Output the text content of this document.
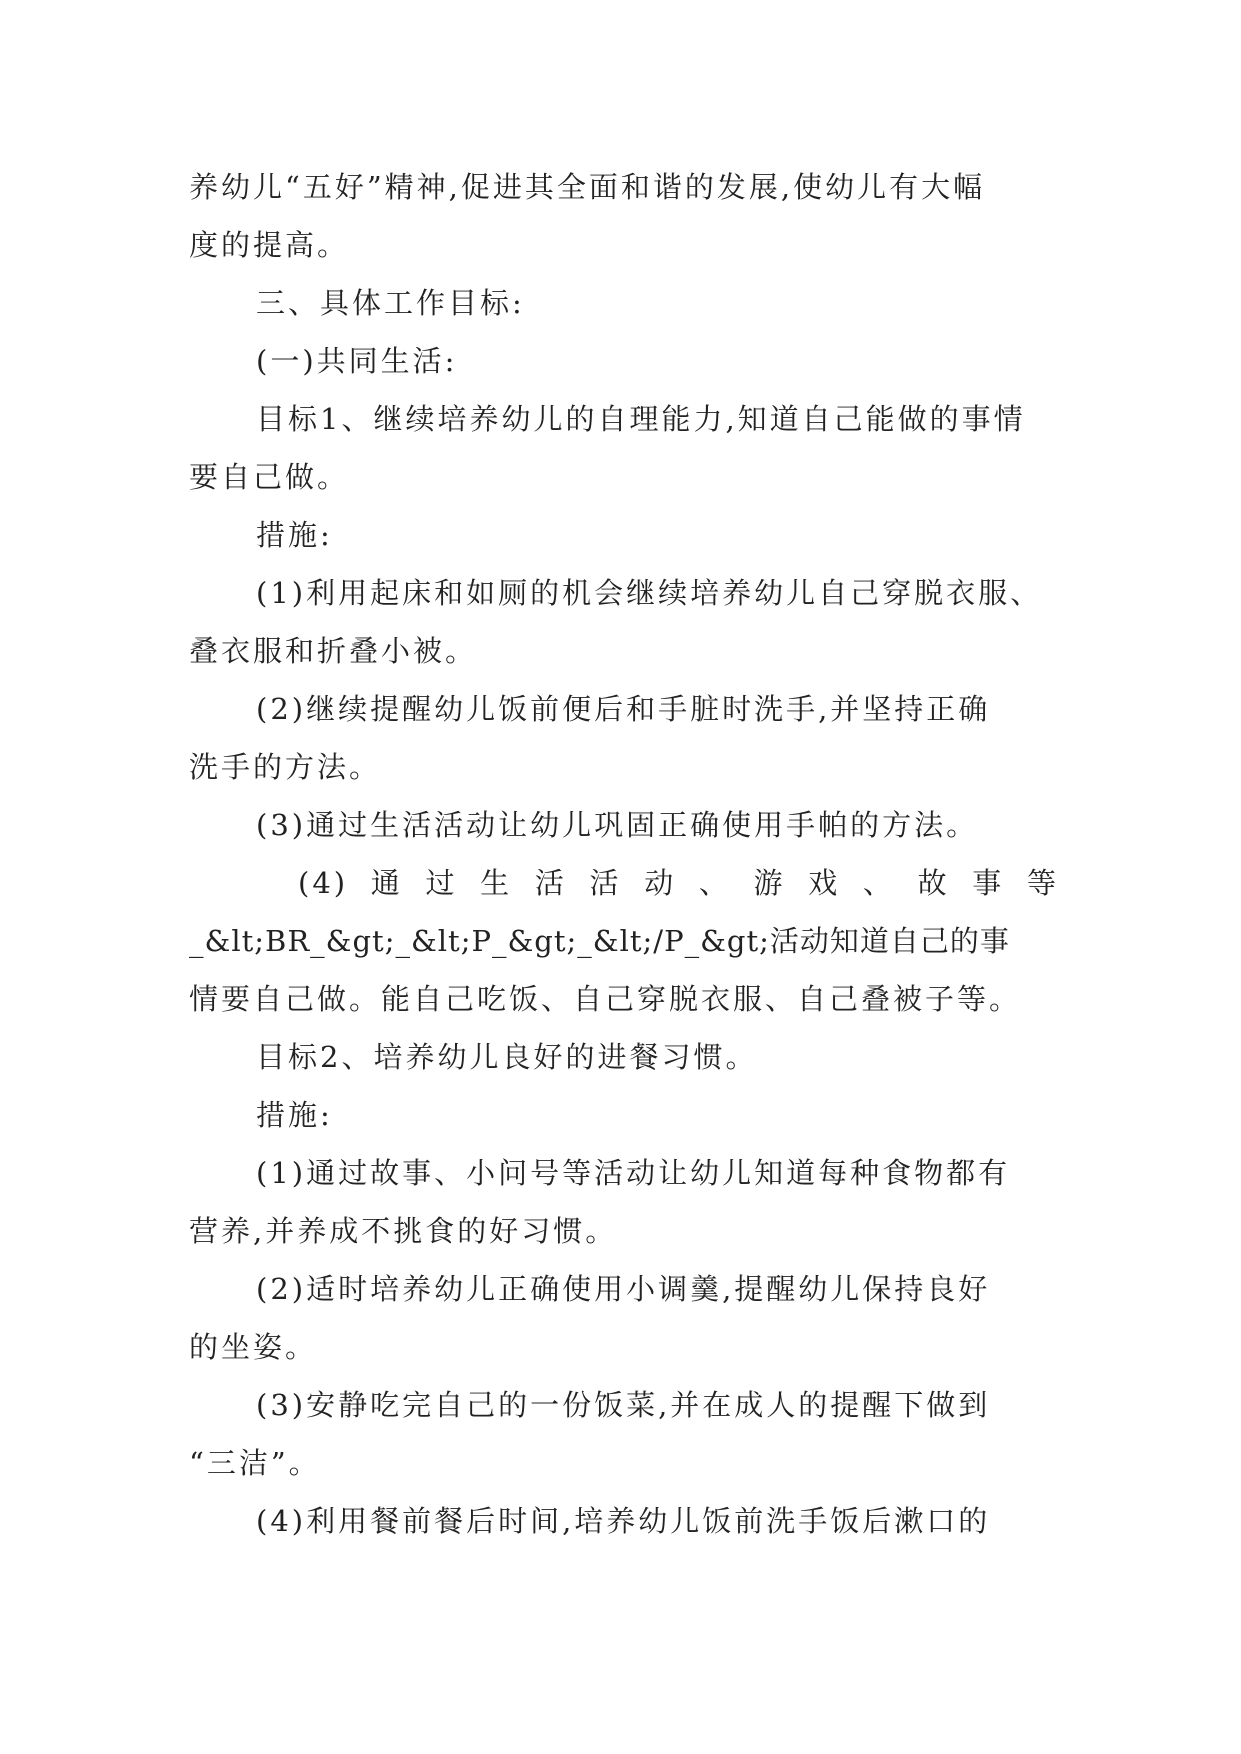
养幼儿“五好”精神,促进其全面和谐的发展,使幼儿有大幅
度的提高。
三、具体工作目标:
(一)共同生活:
目标1、继续培养幼儿的自理能力,知道自己能做的事情
要自己做。
措施:
(1)利用起床和如厕的机会继续培养幼儿自己穿脱衣服、
叠衣服和折叠小被。
(2)继续提醒幼儿饭前便后和手脏时洗手,并坚持正确
洗手的方法。
(3)通过生活活动让幼儿巩固正确使用手帕的方法。
(4)通过生活活动、游戏、故事等
_&lt;BR_&gt;_&lt;P_&gt;_&lt;/P_&gt;活动知道自己的事
情要自己做。能自己吃饭、自己穿脱衣服、自己叠被子等。
目标2、培养幼儿良好的进餐习惯。
措施:
(1)通过故事、小问号等活动让幼儿知道每种食物都有
营养,并养成不挑食的好习惯。
(2)适时培养幼儿正确使用小调羹,提醒幼儿保持良好
的坐姿。
(3)安静吃完自己的一份饭菜,并在成人的提醒下做到
“三洁”。
(4)利用餐前餐后时间,培养幼儿饭前洗手饭后漱口的
